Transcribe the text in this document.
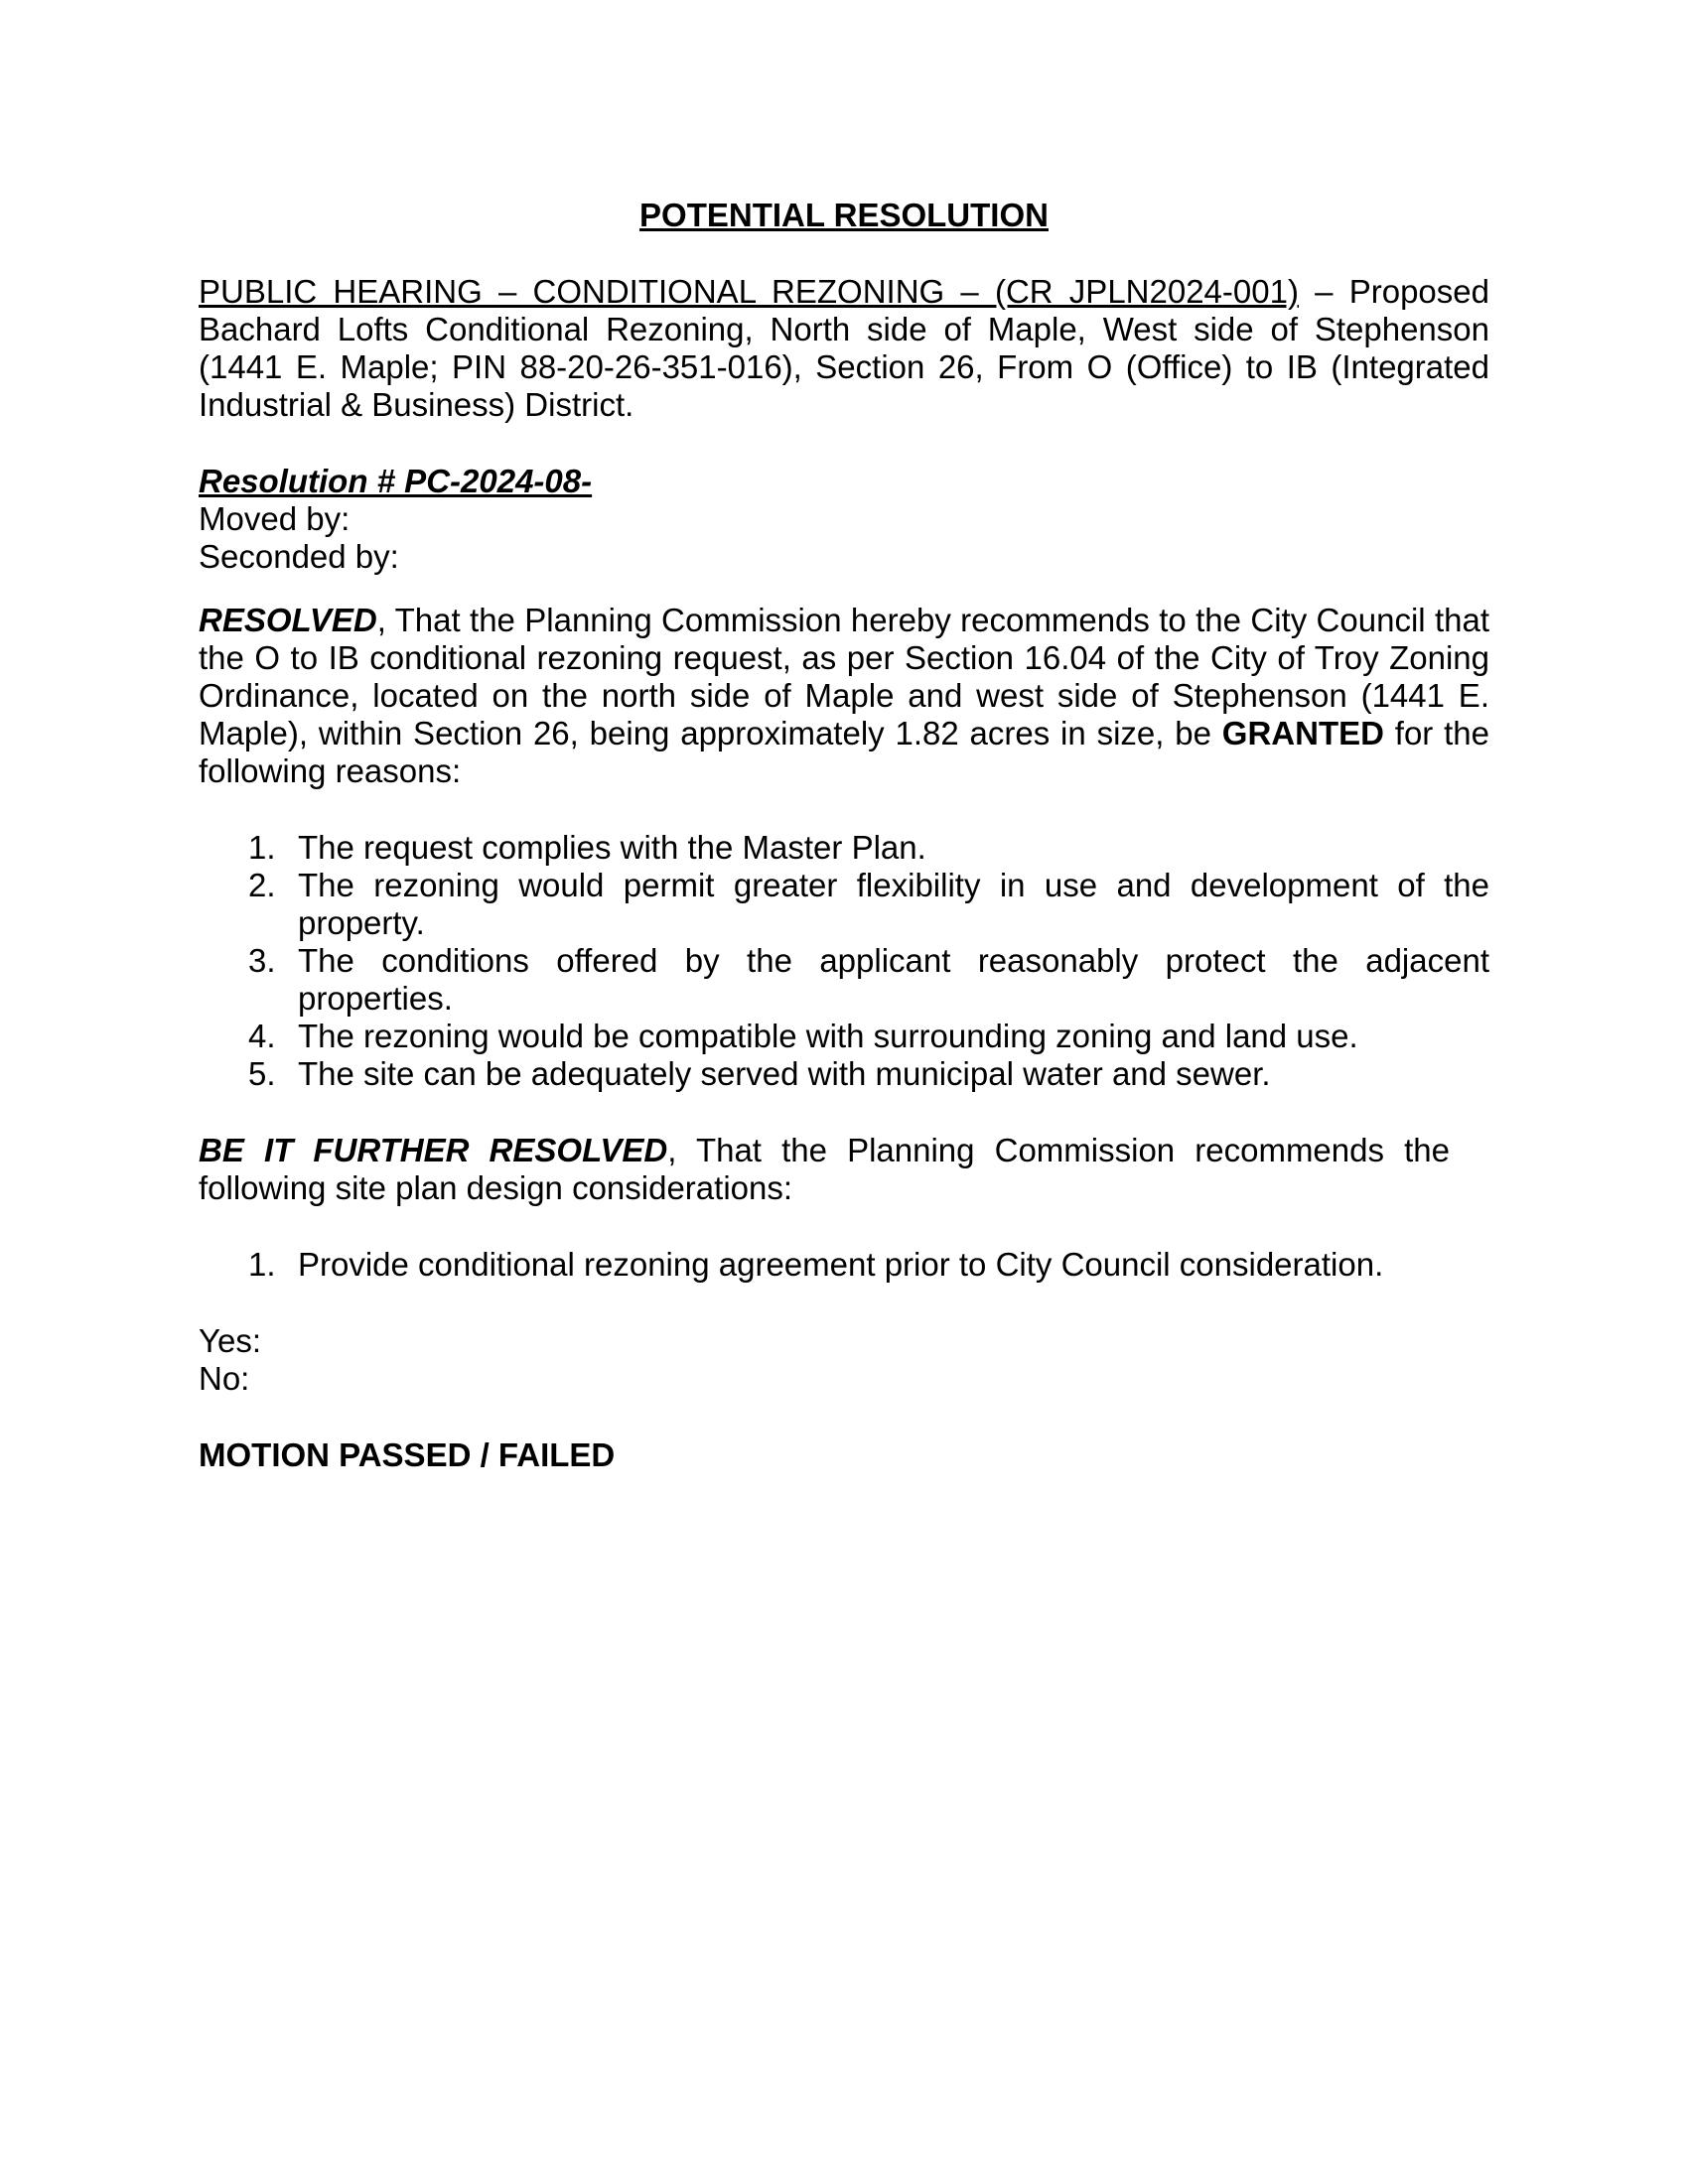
POTENTIAL RESOLUTION

PUBLIC HEARING – CONDITIONAL REZONING – (CR JPLN2024-001) – Proposed Bachard Lofts Conditional Rezoning, North side of Maple, West side of Stephenson (1441 E. Maple; PIN 88-20-26-351-016), Section 26, From O (Office) to IB (Integrated Industrial & Business) District.

Resolution # PC-2024-08-
Moved by:
Seconded by:

RESOLVED, That the Planning Commission hereby recommends to the City Council that the O to IB conditional rezoning request, as per Section 16.04 of the City of Troy Zoning Ordinance, located on the north side of Maple and west side of Stephenson (1441 E. Maple), within Section 26, being approximately 1.82 acres in size, be GRANTED for the following reasons:

1. The request complies with the Master Plan.
2. The rezoning would permit greater flexibility in use and development of the property.
3. The conditions offered by the applicant reasonably protect the adjacent properties.
4. The rezoning would be compatible with surrounding zoning and land use.
5. The site can be adequately served with municipal water and sewer.

BE IT FURTHER RESOLVED, That the Planning Commission recommends the following site plan design considerations:

1. Provide conditional rezoning agreement prior to City Council consideration.
Yes:
No:
MOTION PASSED / FAILED
